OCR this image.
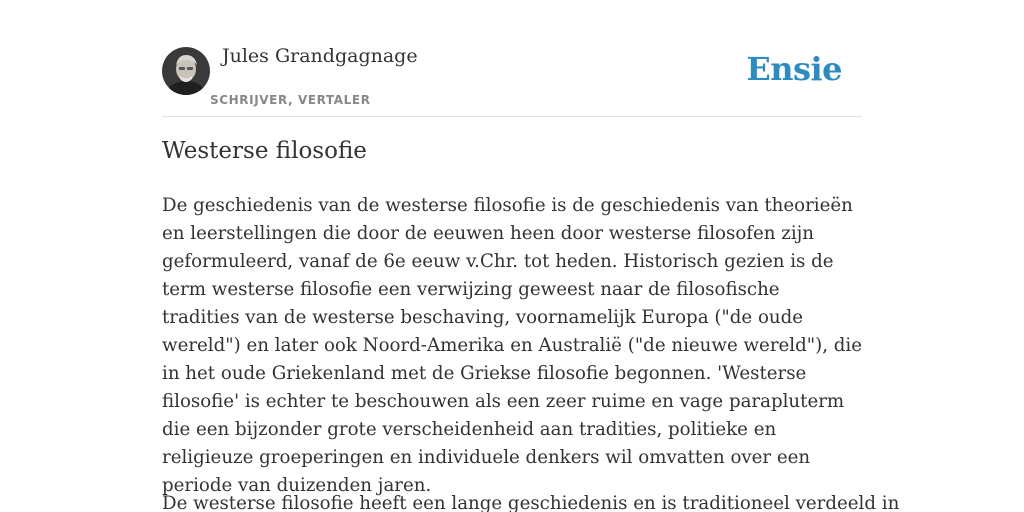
Jules Grandgagnage
SCHRIJVER, VERTALER
Ensie
Westerse filosofie

De geschiedenis van de westerse filosofie is de geschiedenis van theorieën en leerstellingen die door de eeuwen heen door westerse filosofen zijn geformuleerd, vanaf de 6e eeuw v.Chr. tot heden. Historisch gezien is de term westerse filosofie een verwijzing geweest naar de filosofische tradities van de westerse beschaving, voornamelijk Europa ("de oude wereld") en later ook Noord-Amerika en Australië ("de nieuwe wereld"), die in het oude Griekenland met de Griekse filosofie begonnen. 'Westerse filosofie' is echter te beschouwen als een zeer ruime en vage parapluterm die een bijzonder grote verscheidenheid aan tradities, politieke en religieuze groeperingen en individuele denkers wil omvatten over een periode van duizenden jaren.

De westerse filosofie heeft een lange geschiedenis en is traditioneel verdeeld in
